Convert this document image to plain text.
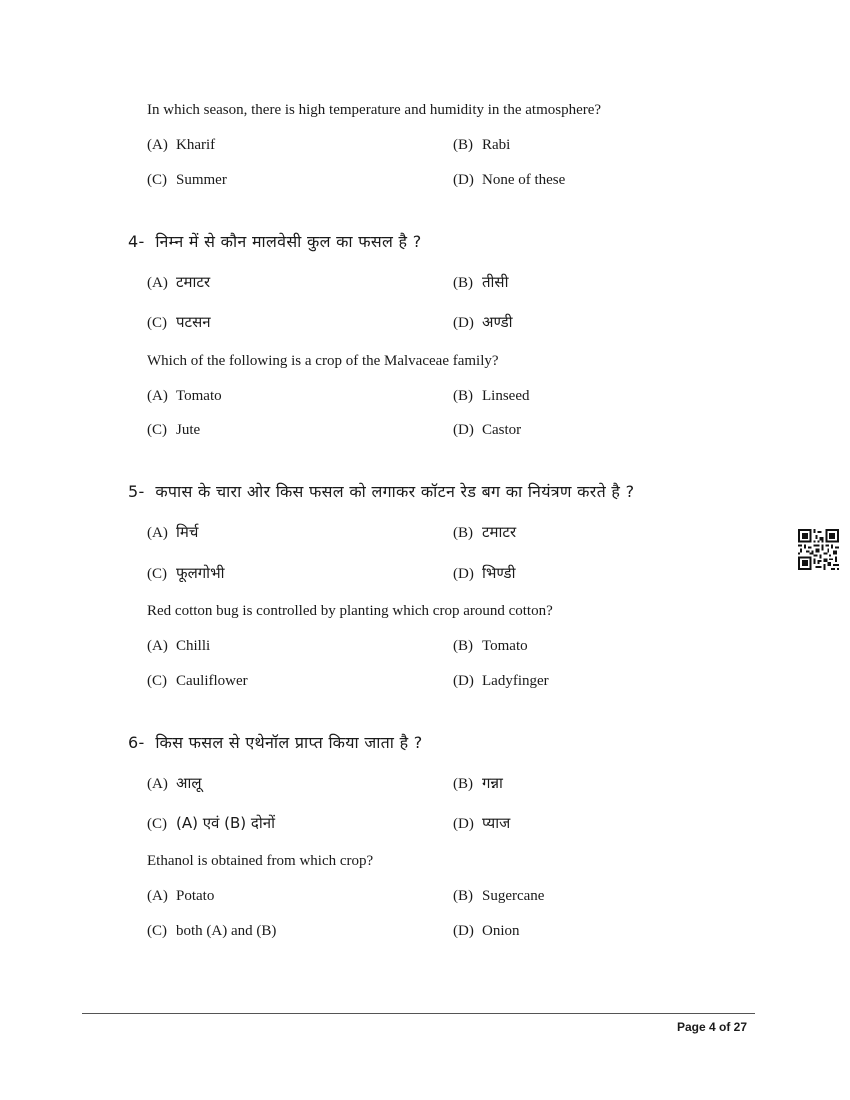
In which season, there is high temperature and humidity in the atmosphere?
(A) Kharif	(B) Rabi
(C) Summer	(D) None of these
4- निम्न में से कौन मालवेसी कुल का फसल है ?
(A) टमाटर	(B) तीसी
(C) पटसन	(D) अण्डी
Which of the following is a crop of the Malvaceae family?
(A) Tomato	(B) Linseed
(C) Jute	(D) Castor
5- कपास के चारा ओर किस फसल को लगाकर कॉटन रेड बग का नियंत्रण करते है ?
(A) मिर्च	(B) टमाटर
(C) फूलगोभी	(D) भिण्डी
Red cotton bug is controlled by planting which crop around cotton?
(A) Chilli	(B) Tomato
(C) Cauliflower	(D) Ladyfinger
6- किस फसल से एथेनॉल प्राप्त किया जाता है ?
(A) आलू	(B) गन्ना
(C) (A) एवं (B) दोनों	(D) प्याज
Ethanol is obtained from which crop?
(A) Potato	(B) Sugercane
(C) both (A) and (B)	(D) Onion
Page 4 of 27
